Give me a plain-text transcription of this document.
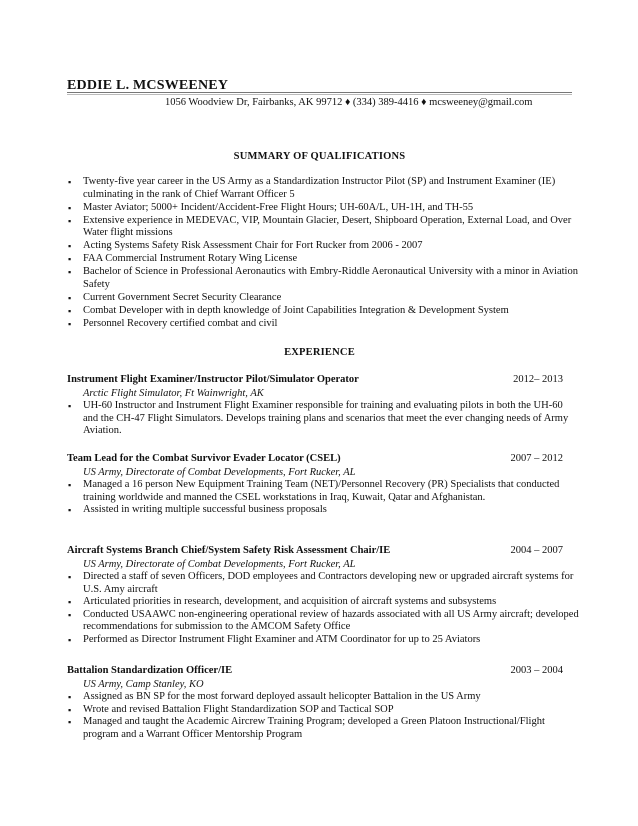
EDDIE L. MCSWEENEY
1056 Woodview Dr, Fairbanks, AK 99712 ♦ (334) 389-4416 ♦ mcsweeney@gmail.com
SUMMARY OF QUALIFICATIONS
▪ Twenty-five year career in the US Army as a Standardization Instructor Pilot (SP) and Instrument Examiner (IE) culminating in the rank of Chief Warrant Officer 5
▪ Master Aviator; 5000+ Incident/Accident-Free Flight Hours; UH-60A/L, UH-1H, and TH-55
▪ Extensive experience in MEDEVAC, VIP, Mountain Glacier, Desert, Shipboard Operation, External Load, and Over Water flight missions
▪ Acting Systems Safety Risk Assessment Chair for Fort Rucker from 2006 - 2007
▪ FAA Commercial Instrument Rotary Wing License
▪ Bachelor of Science in Professional Aeronautics with Embry-Riddle Aeronautical University with a minor in Aviation Safety
▪ Current Government Secret Security Clearance
▪ Combat Developer with in depth knowledge of Joint Capabilities Integration & Development System
▪ Personnel Recovery certified combat and civil
EXPERIENCE
Instrument Flight Examiner/Instructor Pilot/Simulator Operator	2012– 2013
Arctic Flight Simulator, Ft Wainwright, AK
▪ UH-60 Instructor and Instrument Flight Examiner responsible for training and evaluating pilots in both the UH-60 and the CH-47 Flight Simulators. Develops training plans and scenarios that meet the ever changing needs of Army Aviation.
Team Lead for the Combat Survivor Evader Locator (CSEL)	2007 – 2012
US Army, Directorate of Combat Developments, Fort Rucker, AL
▪ Managed a 16 person New Equipment Training Team (NET)/Personnel Recovery (PR) Specialists that conducted training worldwide and manned the CSEL workstations in Iraq, Kuwait, Qatar and Afghanistan.
▪ Assisted in writing multiple successful business proposals
Aircraft Systems Branch Chief/System Safety Risk Assessment Chair/IE	2004 – 2007
US Army, Directorate of Combat Developments, Fort Rucker, AL
▪ Directed a staff of seven Officers, DOD employees and Contractors developing new or upgraded aircraft systems for U.S. Amy aircraft
▪ Articulated priorities in research, development, and acquisition of aircraft systems and subsystems
▪ Conducted USAAWC non-engineering operational review of hazards associated with all US Army aircraft; developed recommendations for submission to the AMCOM Safety Office
▪ Performed as Director Instrument Flight Examiner and ATM Coordinator for up to 25 Aviators
Battalion Standardization Officer/IE	2003 – 2004
US Army, Camp Stanley, KO
▪ Assigned as BN SP for the most forward deployed assault helicopter Battalion in the US Army
▪ Wrote and revised Battalion Flight Standardization SOP and Tactical SOP
▪ Managed and taught the Academic Aircrew Training Program; developed a Green Platoon Instructional/Flight program and a Warrant Officer Mentorship Program
